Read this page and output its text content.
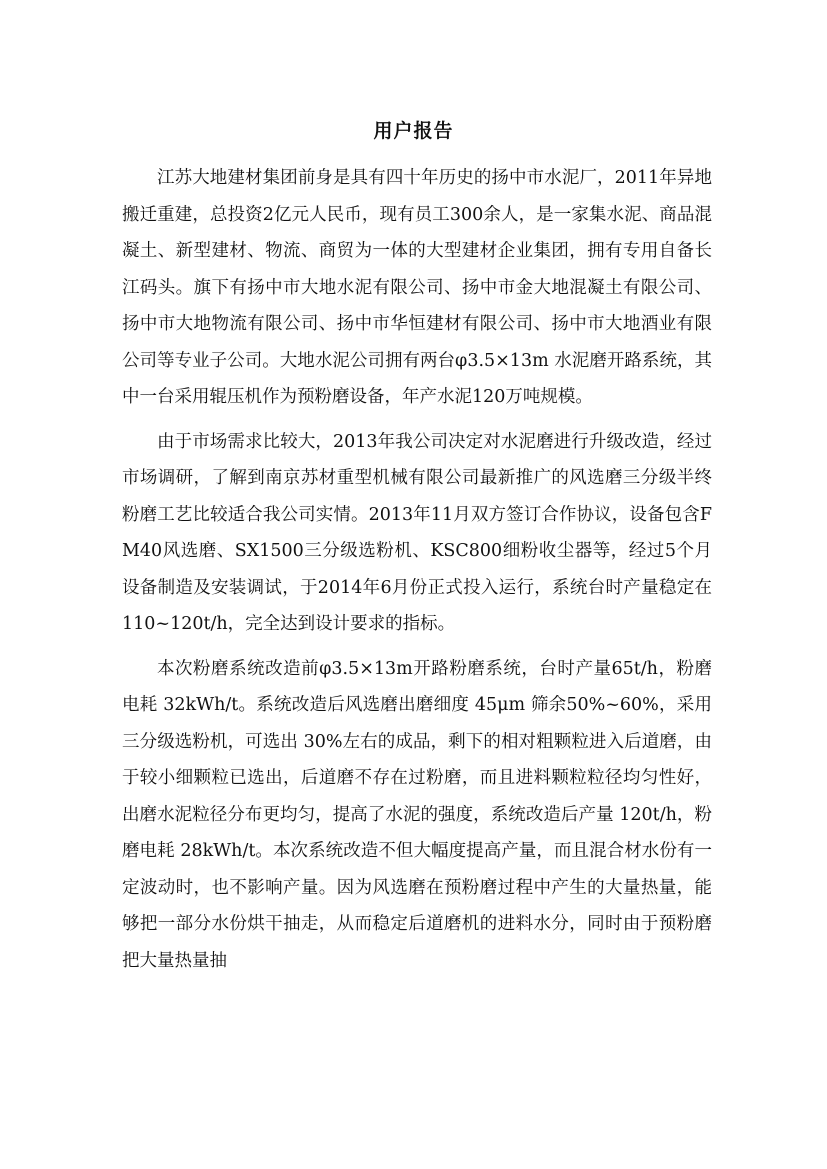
用户报告

江苏大地建材集团前身是具有四十年历史的扬中市水泥厂，2011年异地搬迁重建，总投资2亿元人民币，现有员工300余人，是一家集水泥、商品混凝土、新型建材、物流、商贸为一体的大型建材企业集团，拥有专用自备长江码头。旗下有扬中市大地水泥有限公司、扬中市金大地混凝土有限公司、扬中市大地物流有限公司、扬中市华恒建材有限公司、扬中市大地酒业有限公司等专业子公司。大地水泥公司拥有两台φ3.5×13m 水泥磨开路系统，其中一台采用辊压机作为预粉磨设备，年产水泥120万吨规模。

由于市场需求比较大，2013年我公司决定对水泥磨进行升级改造，经过市场调研，了解到南京苏材重型机械有限公司最新推广的风选磨三分级半终粉磨工艺比较适合我公司实情。2013年11月双方签订合作协议，设备包含FM40风选磨、SX1500三分级选粉机、KSC800细粉收尘器等，经过5个月设备制造及安装调试，于2014年6月份正式投入运行，系统台时产量稳定在110~120t/h，完全达到设计要求的指标。

本次粉磨系统改造前φ3.5×13m开路粉磨系统，台时产量65t/h，粉磨电耗 32kWh/t。系统改造后风选磨出磨细度 45μm 筛余50%~60%，采用三分级选粉机，可选出 30%左右的成品，剩下的相对粗颗粒进入后道磨，由于较小细颗粒已选出，后道磨不存在过粉磨，而且进料颗粒粒径均匀性好，出磨水泥粒径分布更均匀，提高了水泥的强度，系统改造后产量 120t/h，粉磨电耗 28kWh/t。本次系统改造不但大幅度提高产量，而且混合材水份有一定波动时，也不影响产量。因为风选磨在预粉磨过程中产生的大量热量，能够把一部分水份烘干抽走，从而稳定后道磨机的进料水分，同时由于预粉磨把大量热量抽
